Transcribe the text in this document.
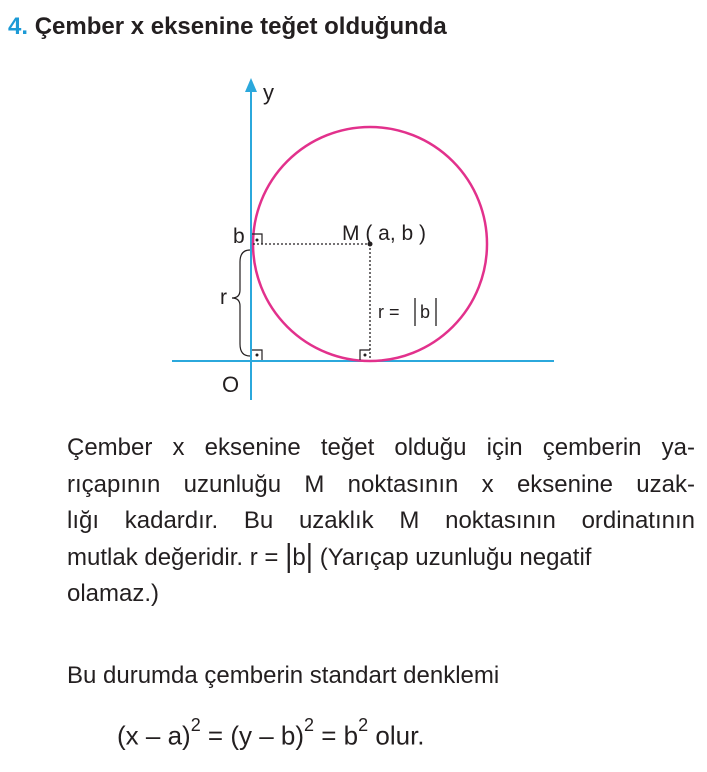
4. Çember x eksenine teğet olduğunda
y
O
b
r
M ( a, b )
r = b
Çember x eksenine teğet olduğu için çemberin ya-
rıçapının uzunluğu M noktasının x eksenine uzak-
lığı kadardır. Bu uzaklık M noktasının ordinatının
mutlak değeridir. r = |b| (Yarıçap uzunluğu negatif
olamaz.)
Bu durumda çemberin standart denklemi
$(x - a)^2 = (y - b)^2 = b^2$ olur.
